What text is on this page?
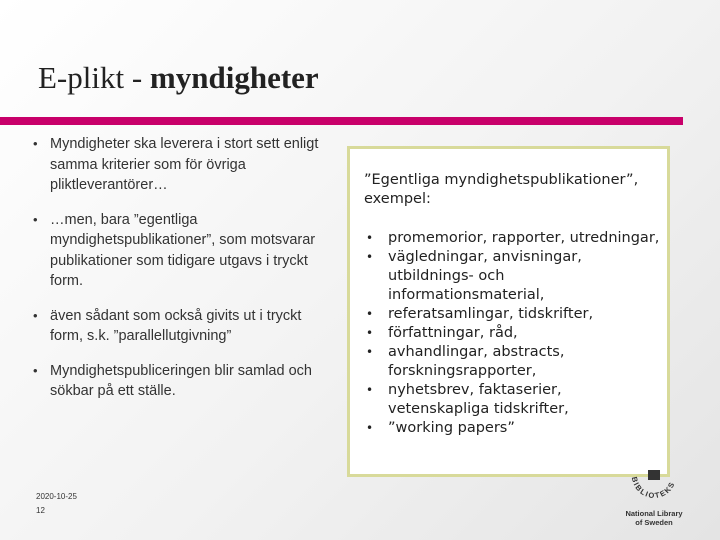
E-plikt - myndigheter
• Myndigheter ska leverera i stort sett enligt samma kriterier som för övriga pliktleverantörer…
• …men, bara ”egentliga myndighetspublikationer”, som motsvarar publikationer som tidigare utgavs i tryckt form.
• även sådant som också givits ut i tryckt form, s.k. ”parallellutgivning”
• Myndighetspubliceringen blir samlad och sökbar på ett ställe.

”Egentliga myndighetspublikationer”, exempel:

• promemorior, rapporter, utredningar,
• vägledningar, anvisningar, utbildnings- och informationsmaterial,
• referatsamlingar, tidskrifter,
• författningar, råd,
• avhandlingar, abstracts, forskningsrapporter,
• nyhetsbrev, faktaserier, vetenskapliga tidskrifter,
• ”working papers”
2020-10-25
12
BIBLIOTEKS
National Library
of Sweden
